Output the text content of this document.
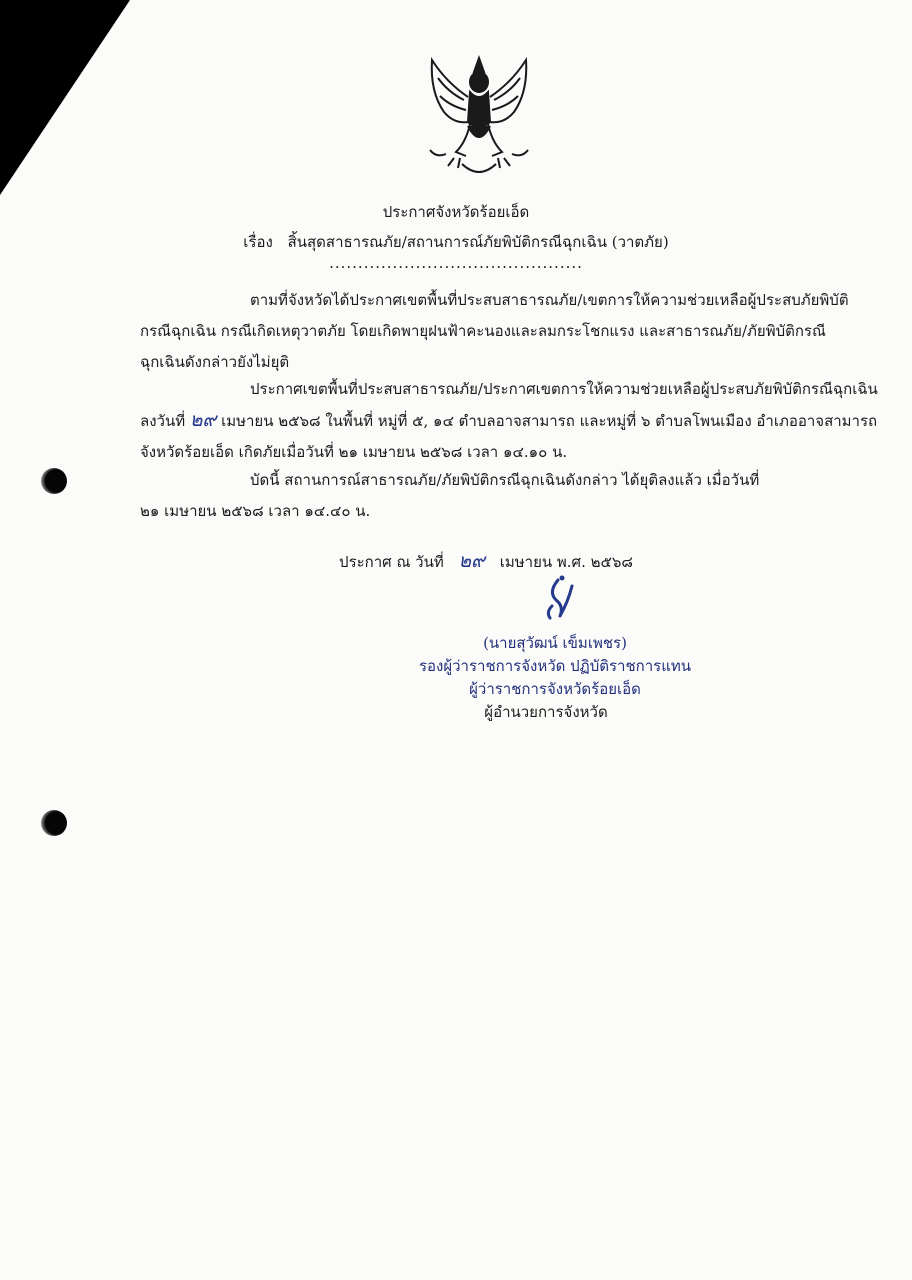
ประกาศจังหวัดร้อยเอ็ด
เรื่อง สิ้นสุดสาธารณภัย/สถานการณ์ภัยพิบัติกรณีฉุกเฉิน (วาตภัย)
............................................

ตามที่จังหวัดได้ประกาศเขตพื้นที่ประสบสาธารณภัย/เขตการให้ความช่วยเหลือผู้ประสบภัยพิบัติ

กรณีฉุกเฉิน กรณีเกิดเหตุวาตภัย โดยเกิดพายุฝนฟ้าคะนองและลมกระโชกแรง และสาธารณภัย/ภัยพิบัติกรณี

ฉุกเฉินดังกล่าวยังไม่ยุติ

ประกาศเขตพื้นที่ประสบสาธารณภัย/ประกาศเขตการให้ความช่วยเหลือผู้ประสบภัยพิบัติกรณีฉุกเฉิน

ลงวันที่ ๒๙ เมษายน ๒๕๖๘ ในพื้นที่ หมู่ที่ ๕, ๑๔ ตำบลอาจสามารถ และหมู่ที่ ๖ ตำบลโพนเมือง อำเภออาจสามารถ

จังหวัดร้อยเอ็ด เกิดภัยเมื่อวันที่ ๒๑ เมษายน ๒๕๖๘ เวลา ๑๔.๑๐ น.

บัดนี้ สถานการณ์สาธารณภัย/ภัยพิบัติกรณีฉุกเฉินดังกล่าว ได้ยุติลงแล้ว เมื่อวันที่

๒๑ เมษายน ๒๕๖๘ เวลา ๑๔.๔๐ น.

ประกาศ ณ วันที่ ๒๙ เมษายน พ.ศ. ๒๕๖๘
(นายสุวัฒน์ เข็มเพชร)
รองผู้ว่าราชการจังหวัด ปฏิบัติราชการแทน
ผู้ว่าราชการจังหวัดร้อยเอ็ด
ผู้อำนวยการจังหวัด
